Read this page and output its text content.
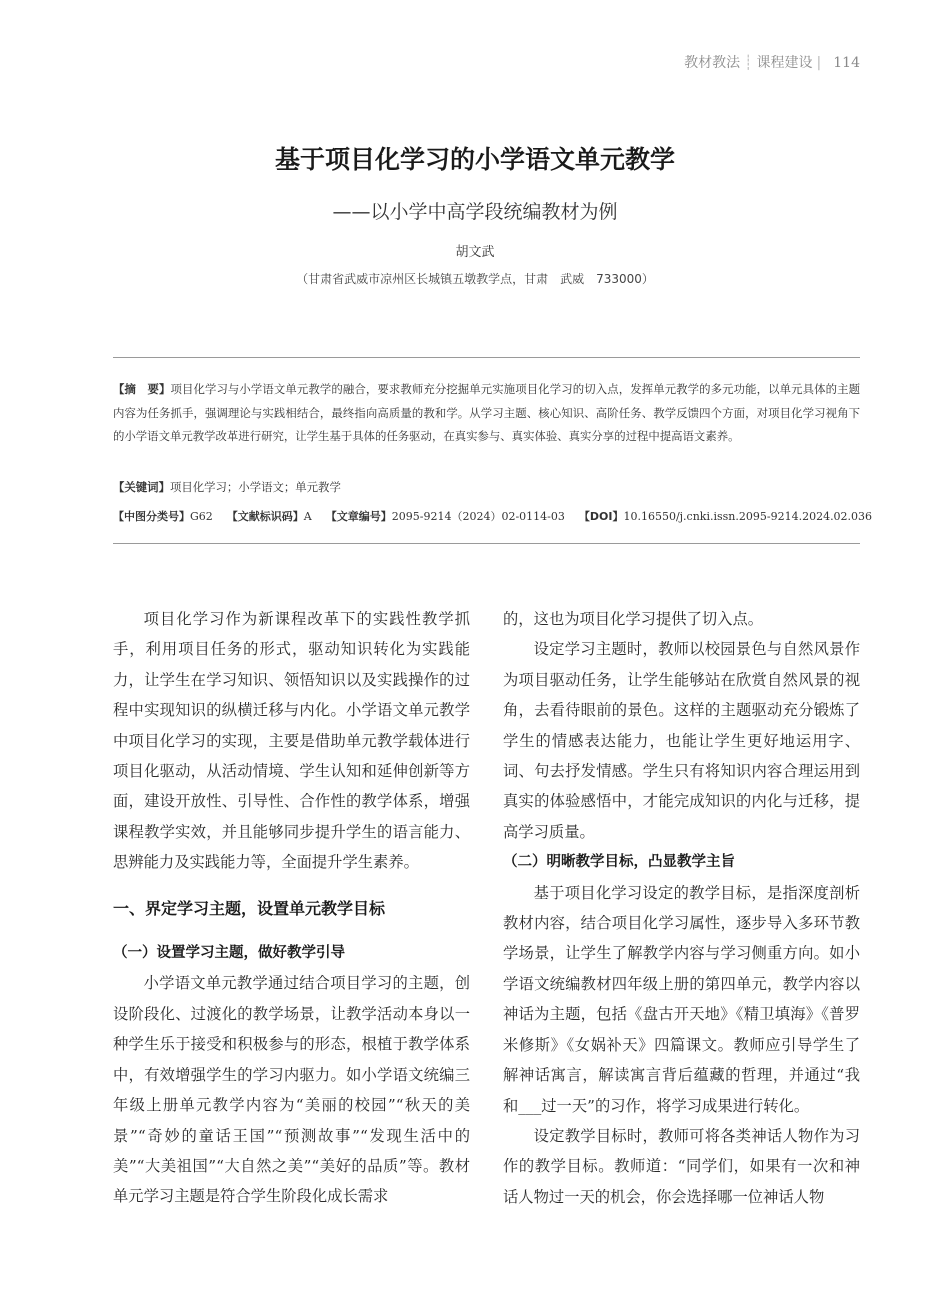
教材教法 ┊ 课程建设 | 114
基于项目化学习的小学语文单元教学
——以小学中高学段统编教材为例
胡文武
（甘肃省武威市凉州区长城镇五墩教学点，甘肃　武威　733000）
【摘　要】项目化学习与小学语文单元教学的融合，要求教师充分挖掘单元实施项目化学习的切入点，发挥单元教学的多元功能，以单元具体的主题内容为任务抓手，强调理论与实践相结合，最终指向高质量的教和学。从学习主题、核心知识、高阶任务、教学反馈四个方面，对项目化学习视角下的小学语文单元教学改革进行研究，让学生基于具体的任务驱动，在真实参与、真实体验、真实分享的过程中提高语文素养。
【关键词】项目化学习；小学语文；单元教学
【中图分类号】G62 【文献标识码】A 【文章编号】2095-9214（2024）02-0114-03 【DOI】10.16550/j.cnki.issn.2095-9214.2024.02.036

项目化学习作为新课程改革下的实践性教学抓手，利用项目任务的形式，驱动知识转化为实践能力，让学生在学习知识、领悟知识以及实践操作的过程中实现知识的纵横迁移与内化。小学语文单元教学中项目化学习的实现，主要是借助单元教学载体进行项目化驱动，从活动情境、学生认知和延伸创新等方面，建设开放性、引导性、合作性的教学体系，增强课程教学实效，并且能够同步提升学生的语言能力、思辨能力及实践能力等，全面提升学生素养。

一、界定学习主题，设置单元教学目标
（一）设置学习主题，做好教学引导

小学语文单元教学通过结合项目学习的主题，创设阶段化、过渡化的教学场景，让教学活动本身以一种学生乐于接受和积极参与的形态，根植于教学体系中，有效增强学生的学习内驱力。如小学语文统编三年级上册单元教学内容为“美丽的校园”“秋天的美景”“奇妙的童话王国”“预测故事”“发现生活中的美”“大美祖国”“大自然之美”“美好的品质”等。教材单元学习主题是符合学生阶段化成长需求

的，这也为项目化学习提供了切入点。

设定学习主题时，教师以校园景色与自然风景作为项目驱动任务，让学生能够站在欣赏自然风景的视角，去看待眼前的景色。这样的主题驱动充分锻炼了学生的情感表达能力，也能让学生更好地运用字、词、句去抒发情感。学生只有将知识内容合理运用到真实的体验感悟中，才能完成知识的内化与迁移，提高学习质量。

（二）明晰教学目标，凸显教学主旨

基于项目化学习设定的教学目标，是指深度剖析教材内容，结合项目化学习属性，逐步导入多环节教学场景，让学生了解教学内容与学习侧重方向。如小学语文统编教材四年级上册的第四单元，教学内容以神话为主题，包括《盘古开天地》《精卫填海》《普罗米修斯》《女娲补天》四篇课文。教师应引导学生了解神话寓言，解读寓言背后蕴藏的哲理，并通过“我和___过一天”的习作，将学习成果进行转化。

设定教学目标时，教师可将各类神话人物作为习作的教学目标。教师道：“同学们，如果有一次和神话人物过一天的机会，你会选择哪一位神话人物
